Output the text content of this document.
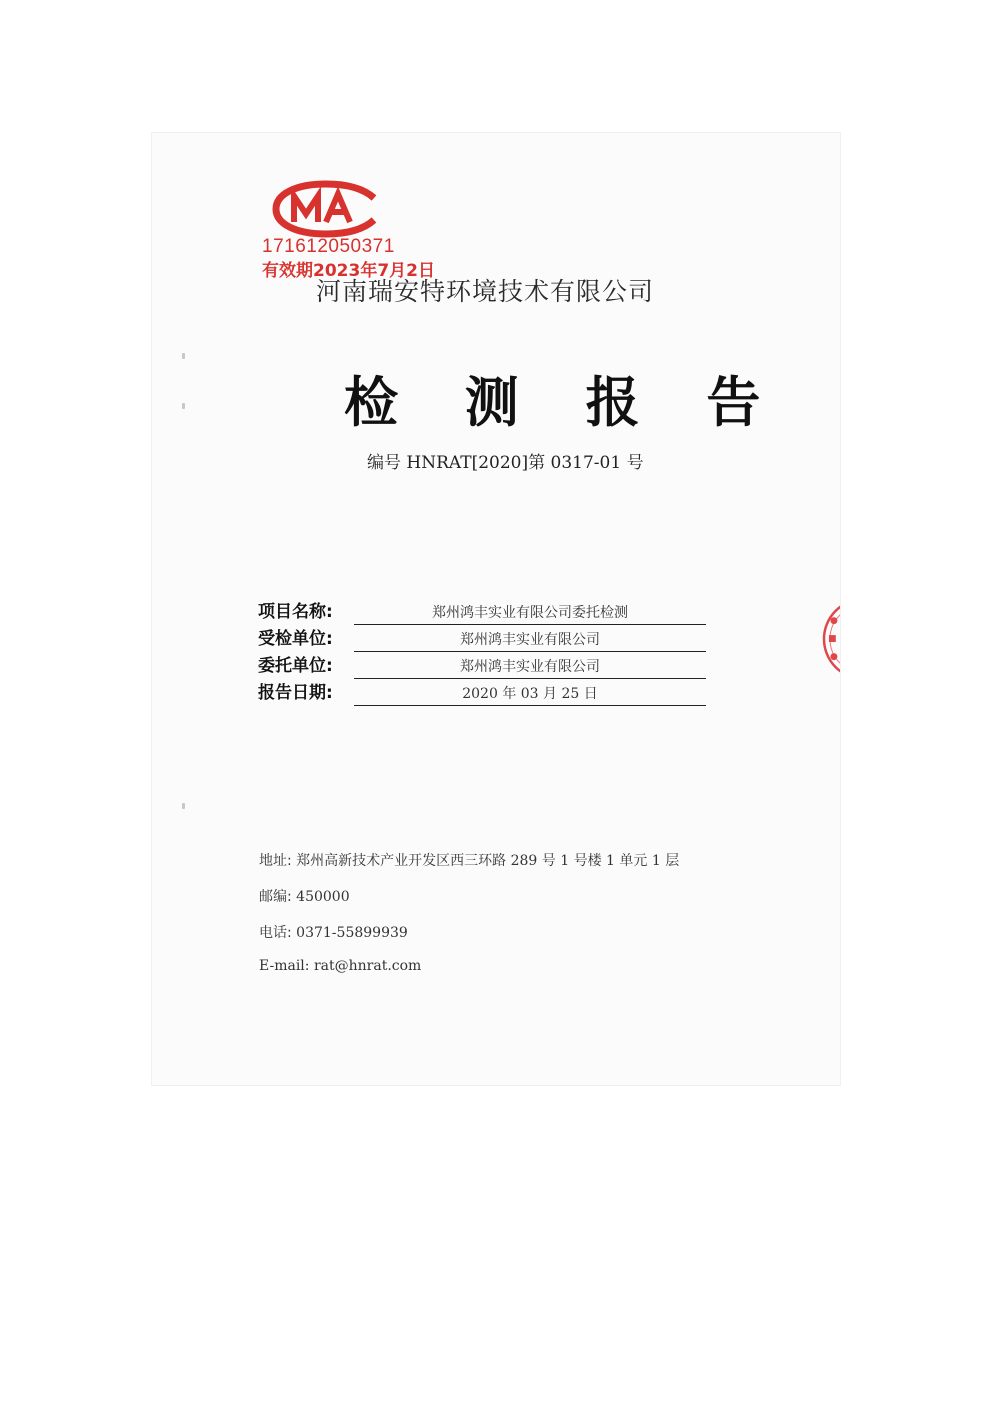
171612050371
有效期2023年7月2日
河南瑞安特环境技术有限公司
检 测 报 告
编号 HNRAT[2020]第 0317-01 号
项目名称:	郑州鸿丰实业有限公司委托检测
受检单位:	郑州鸿丰实业有限公司
委托单位:	郑州鸿丰实业有限公司
报告日期:	2020 年 03 月 25 日
地址: 郑州高新技术产业开发区西三环路 289 号 1 号楼 1 单元 1 层
邮编: 450000
电话: 0371-55899939
E-mail: rat@hnrat.com
●
■
●
